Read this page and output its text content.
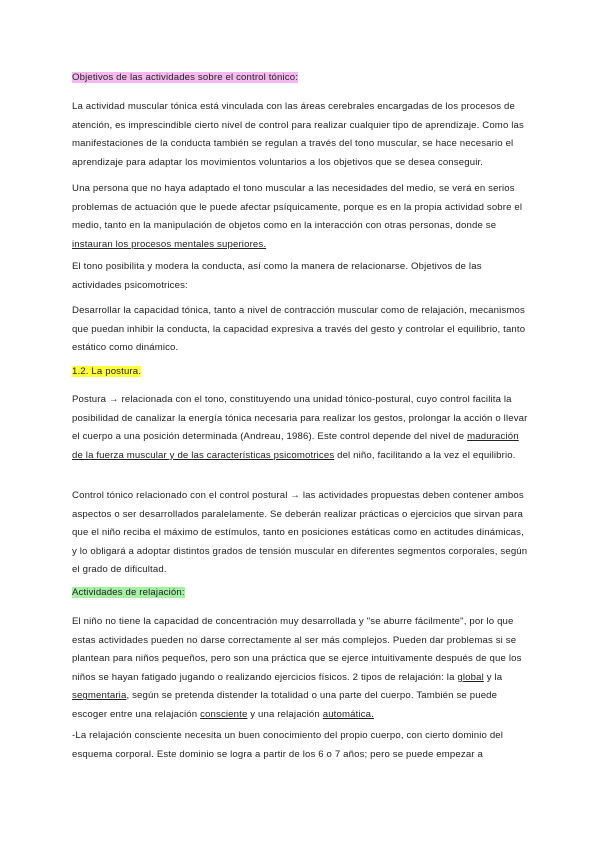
Objetivos de las actividades sobre el control tónico:

La actividad muscular tónica está vinculada con las áreas cerebrales encargadas de los procesos de atención, es imprescindible cierto nivel de control para realizar cualquier tipo de aprendizaje. Como las manifestaciones de la conducta también se regulan a través del tono muscular, se hace necesario el aprendizaje para adaptar los movimientos voluntarios a los objetivos que se desea conseguir.

Una persona que no haya adaptado el tono muscular a las necesidades del medio, se verá en serios problemas de actuación que le puede afectar psíquicamente, porque es en la propia actividad sobre el medio, tanto en la manipulación de objetos como en la interacción con otras personas, donde se instauran los procesos mentales superiores.

El tono posibilita y modera la conducta, así como la manera de relacionarse. Objetivos de las actividades psicomotrices:

Desarrollar la capacidad tónica, tanto a nivel de contracción muscular como de relajación, mecanismos que puedan inhibir la conducta, la capacidad expresiva a través del gesto y controlar el equilibrio, tanto estático como dinámico.

1.2. La postura.

Postura → relacionada con el tono, constituyendo una unidad tónico-postural, cuyo control facilita la posibilidad de canalizar la energía tónica necesaria para realizar los gestos, prolongar la acción o llevar el cuerpo a una posición determinada (Andreau, 1986). Este control depende del nivel de maduración de la fuerza muscular y de las características psicomotrices del niño, facilitando a la vez el equilibrio.

Control tónico relacionado con el control postural → las actividades propuestas deben contener ambos aspectos o ser desarrollados paralelamente. Se deberán realizar prácticas o ejercicios que sirvan para que el niño reciba el máximo de estímulos, tanto en posiciones estáticas como en actitudes dinámicas, y lo obligará a adoptar distintos grados de tensión muscular en diferentes segmentos corporales, según el grado de dificultad.

Actividades de relajación:

El niño no tiene la capacidad de concentración muy desarrollada y "se aburre fácilmente", por lo que estas actividades pueden no darse correctamente al ser más complejos. Pueden dar problemas si se plantean para niños pequeños, pero son una práctica que se ejerce intuitivamente después de que los niños se hayan fatigado jugando o realizando ejercicios físicos. 2 tipos de relajación: la global y la segmentaria, según se pretenda distender la totalidad o una parte del cuerpo. También se puede escoger entre una relajación consciente y una relajación automática.

-La relajación consciente necesita un buen conocimiento del propio cuerpo, con cierto dominio del esquema corporal. Este dominio se logra a partir de los 6 o 7 años; pero se puede empezar a
